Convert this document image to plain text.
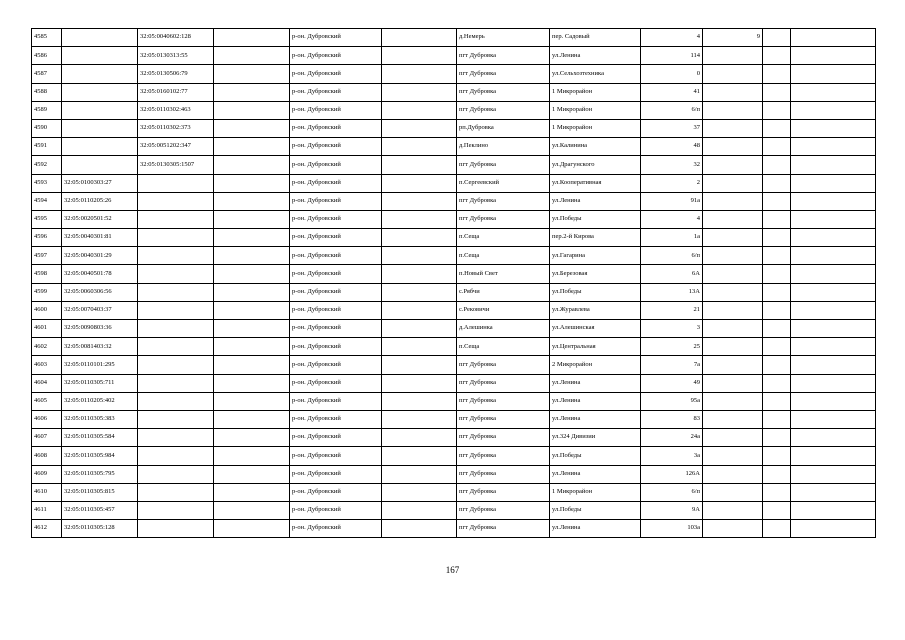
4585		32:05:0040602:128		р-он. Дубровский		д.Немерь	пер. Садовый	4	9		
4586		32:05:0130313:55		р-он. Дубровский		пгт Дубровка	ул.Ленина	114			
4587		32:05:0130506:79		р-он. Дубровский		пгт Дубровка	ул.Сельхозтехника	0			
4588		32:05:0160102:77		р-он. Дубровский		пгт Дубровка	1 Микрорайон	41			
4589		32:05:0110302:463		р-он. Дубровский		пгт Дубровка	1 Микрорайон	6/п			
4590		32:05:0110302:373		р-он. Дубровский		рп.Дубровка	1 Микрорайон	37			
4591		32:05:0051202:347		р-он. Дубровский		д.Пеклино	ул.Калинина	48			
4592		32:05:0130305:1507		р-он. Дубровский		пгт Дубровка	ул.Драгунского	32			
4593	32:05:0100303:27			р-он. Дубровский		п.Сергеевский	ул.Кооперативная	2			
4594	32:05:0110205:26			р-он. Дубровский		пгт Дубровка	ул.Ленина	91а			
4595	32:05:0020501:52			р-он. Дубровский		пгт Дубровка	ул.Победы	4			
4596	32:05:0040301:81			р-он. Дубровский		п.Сеща	пер.2-й Кирова	1а			
4597	32:05:0040301:29			р-он. Дубровский		п.Сеща	ул.Гагарина	6/п			
4598	32:05:0040501:78			р-он. Дубровский		п.Новый Свет	ул.Березовая	6А			
4599	32:05:0060306:56			р-он. Дубровский		с.Рябчи	ул.Победы	13А			
4600	32:05:0070403:37			р-он. Дубровский		с.Рековичи	ул.Журавлева	21			
4601	32:05:0090803:36			р-он. Дубровский		д.Алешинка	ул.Алешинская	3			
4602	32:05:0081403:32			р-он. Дубровский		п.Сеща	ул.Центральная	25			
4603	32:05:0110101:295			р-он. Дубровский		пгт Дубровка	2 Микрорайон	7а			
4604	32:05:0110305:711			р-он. Дубровский		пгт Дубровка	ул.Ленина	49			
4605	32:05:0110205:402			р-он. Дубровский		пгт Дубровка	ул.Ленина	95а			
4606	32:05:0110305:383			р-он. Дубровский		пгт Дубровка	ул.Ленина	83			
4607	32:05:0110305:584			р-он. Дубровский		пгт Дубровка	ул.324 Дивизии	24а			
4608	32:05:0110305:984			р-он. Дубровский		пгт Дубровка	ул.Победы	3а			
4609	32:05:0110305:795			р-он. Дубровский		пгт Дубровка	ул.Ленина	126А			
4610	32:05:0110305:815			р-он. Дубровский		пгт Дубровка	1 Микрорайон	6/п			
4611	32:05:0110305:457			р-он. Дубровский		пгт Дубровка	ул.Победы	9А			
4612	32:05:0110305:128			р-он. Дубровский		пгт Дубровка	ул.Ленина	103а			
167
